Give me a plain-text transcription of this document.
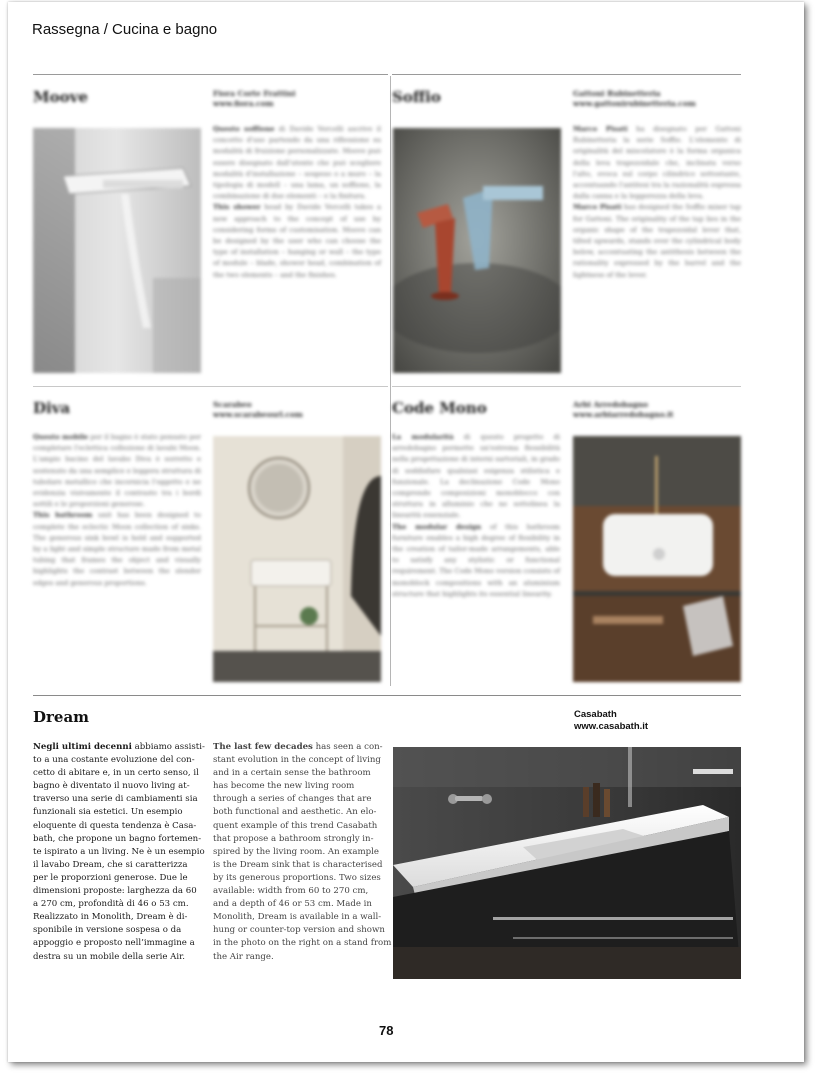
Rassegna / Cucina e bagno
Moove	Fiora Corte Frattini
www.fiora.com

Questo soffione di Davide Vercelli ascrive il concetto d'uso partendo da una riflessione su modalità di fruizione personalizzate. Moove può essere disegnato dall'utente che può scegliere modalità d'installazione – sospeso o a muro – la tipologia di modell – una lama, un soffione, la combinazione di due elementi – e la finitura.

This shower head by Davide Vercelli takes a new approach to the concept of use by considering forms of customisation. Moove can be designed by the user who can choose the type of installation – hanging or wall – the type of module – blade, shower head, combination of the two elements – and the finishes.

Soffio	Gattoni Rubinetteria
www.gattonirubinetteria.com

Marco Pisati ha disegnato per Gattoni Rubinetteria la serie Soffio. L'elemento di originalità del miscelatore è la forma organica della leva trapezoidale che, inclinata verso l'alto, evoca sul corpo cilindrico sottostante, accentuando l'antitesi tra la razionalità espressa dalla canna e la leggerezza della leva.

Marco Pisati has designed the Soffio mixer tap for Gattoni. The originality of the tap lies in the organic shape of the trapezoidal lever that, tilted upwards, stands over the cylindrical body below, accentuating the antithesis between the rationality expressed by the barrel and the lightness of the lever.

Diva	Scarabeo
www.scarabeosrl.com

Questo mobile per il bagno è stato pensato per completare l'eclettica collezione di lavabi Moon. L'ampio bacino del lavabo Diva è sorretto e sostenuto da una semplice e leggera struttura di tubolare metallico che incornicia l'oggetto e ne evidenzia visivamente il contrasto tra i bordi sottili e le proporzioni generose.

This bathroom unit has been designed to complete the eclectic Moon collection of sinks. The generous sink bowl is held and supported by a light and simple structure made from metal tubing that frames the object and visually highlights the contrast between the slender edges and generous proportions.

Code Mono	Arbi Arredobagno
www.arbiarredobagno.it

La modularità di questo progetto di arredobagno permette un'estrema flessibilità nella progettazione di interni sartoriali, in grado di soddisfare qualsiasi esigenza stilistica e funzionale. La declinazione Code Mono comprende composizioni monoblocco con struttura in alluminio che ne sottolinea la linearità essenziale.

The modular design of this bathroom furniture enables a high degree of flexibility in the creation of tailor-made arrangements, able to satisfy any stylistic or functional requirement. The Code Mono version consists of monoblock compositions with an aluminium structure that highlights its essential linearity.

Dream	Casabath
www.casabath.it
Negli ultimi decenni abbiamo assisti-
to a una costante evoluzione del con-
cetto di abitare e, in un certo senso, il
bagno è diventato il nuovo living at-
traverso una serie di cambiamenti sia
funzionali sia estetici. Un esempio
eloquente di questa tendenza è Casa-
bath, che propone un bagno fortemen-
te ispirato a un living. Ne è un esempio
il lavabo Dream, che si caratterizza
per le proporzioni generose. Due le
dimensioni proposte: larghezza da 60
a 270 cm, profondità di 46 o 53 cm.
Realizzato in Monolith, Dream è di-
sponibile in versione sospesa o da
appoggio e proposto nell’immagine a
destra su un mobile della serie Air.
The last few decades has seen a con-
stant evolution in the concept of living
and in a certain sense the bathroom
has become the new living room
through a series of changes that are
both functional and aesthetic. An elo-
quent example of this trend Casabath
that propose a bathroom strongly in-
spired by the living room. An example
is the Dream sink that is characterised
by its generous proportions. Two sizes
available: width from 60 to 270 cm,
and a depth of 46 or 53 cm. Made in
Monolith, Dream is available in a wall-
hung or counter-top version and shown
in the photo on the right on a stand from
the Air range.
78
